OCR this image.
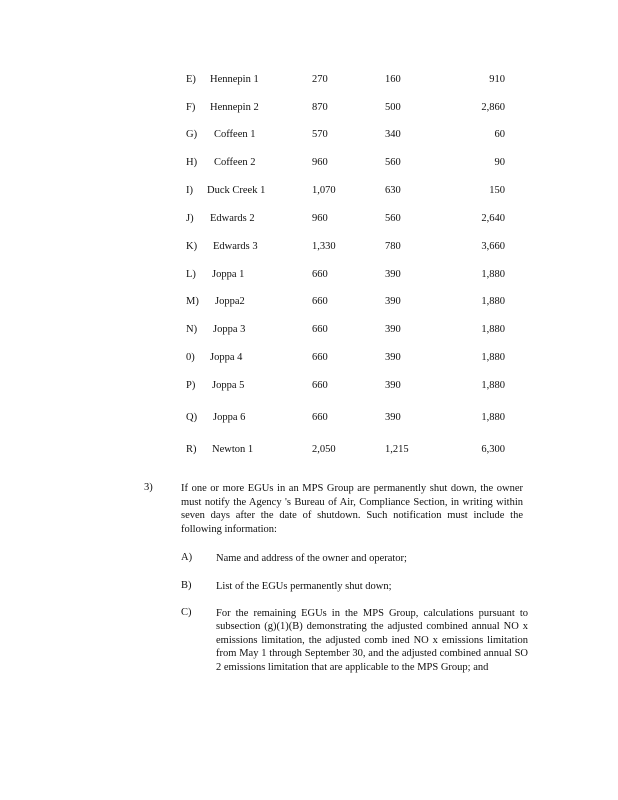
E) Hennepin 1	270	160	910
F) Hennepin 2	870	500	2,860
G) Coffeen 1	570	340	60
H) Coffeen 2	960	560	90
I) Duck Creek 1	1,070	630	150
J) Edwards 2	960	560	2,640
K) Edwards 3	1,330	780	3,660
L) Joppa 1	660	390	1,880
M) Joppa2	660	390	1,880
N) Joppa 3	660	390	1,880
0) Joppa 4	660	390	1,880
P) Joppa 5	660	390	1,880
Q) Joppa 6	660	390	1,880
R) Newton 1	2,050	1,215	6,300
3)	If one or more EGUs in an MPS Group are permanently shut down, the owner must notify the Agency 's Bureau of Air, Compliance Section, in writing within seven days after the date of shutdown. Such notification must include the following information:
A) Name and address of the owner and operator;
B) List of the EGUs permanently shut down;
C) For the remaining EGUs in the MPS Group, calculations pursuant to subsection (g)(1)(B) demonstrating the adjusted combined annual NO x emissions limitation, the adjusted comb ined NO x emissions limitation from May 1 through September 30, and the adjusted combined annual SO 2 emissions limitation that are applicable to the MPS Group; and
